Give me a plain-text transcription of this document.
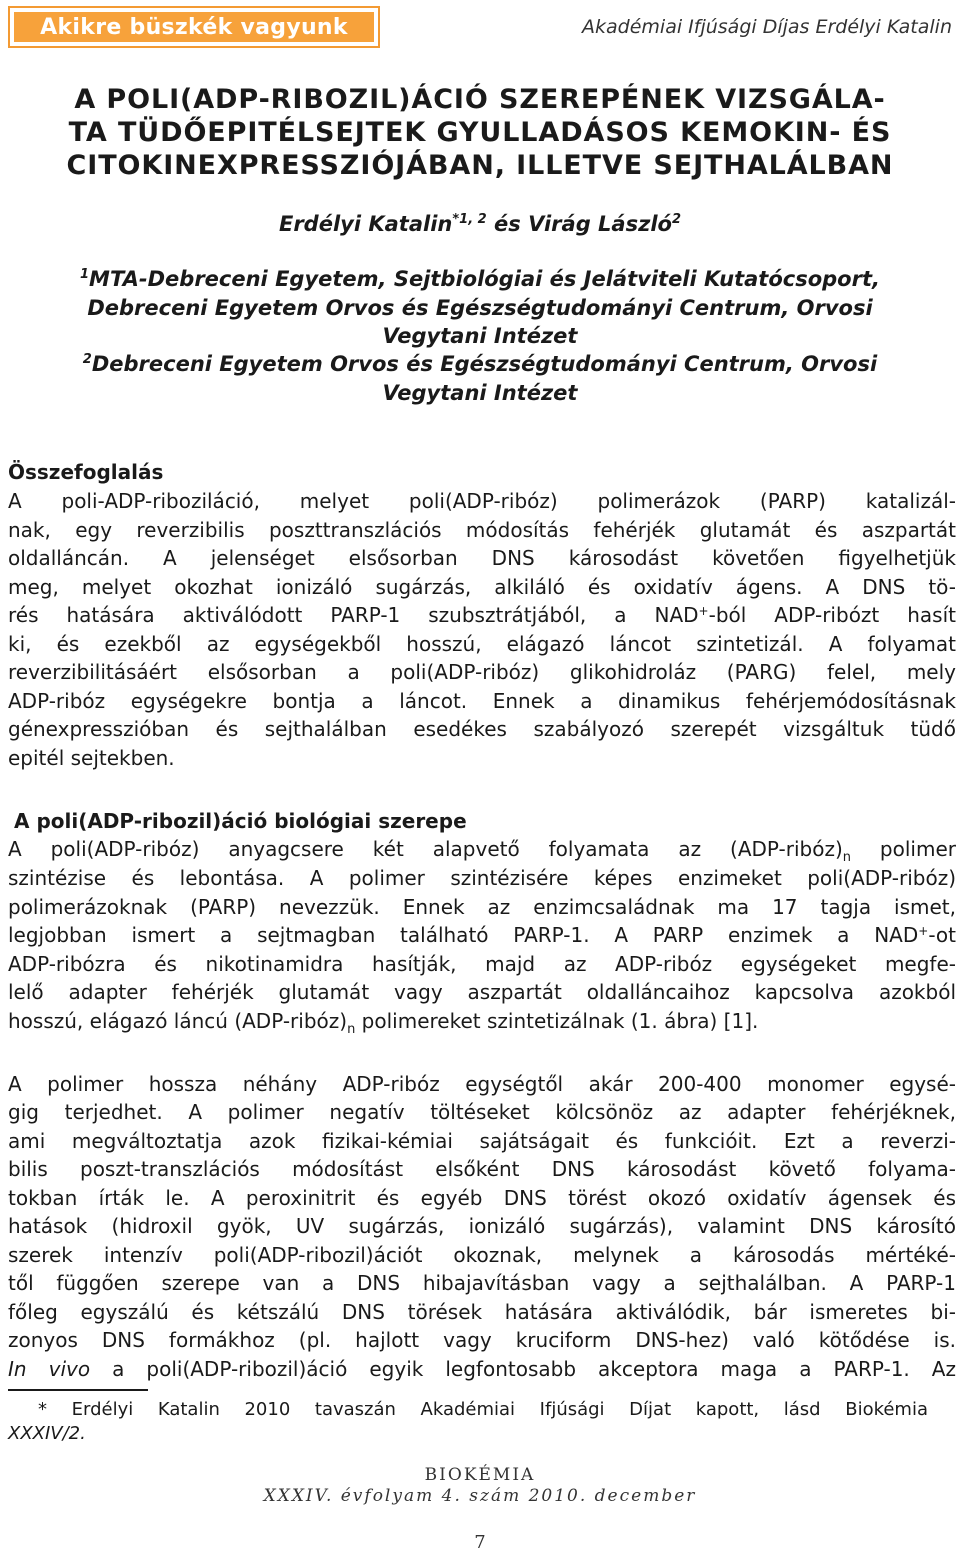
Akikre büszkék vagyunk	Akadémiai Ifjúsági Díjas Erdélyi Katalin
A POLI(ADP-RIBOZIL)ÁCIÓ SZEREPÉNEK VIZSGÁLA-
TA TÜDŐEPITÉLSEJTEK GYULLADÁSOS KEMOKIN- ÉS
CITOKINEXPRESSZIÓJÁBAN, ILLETVE SEJTHALÁLBAN
Erdélyi Katalin$^{*1, 2}$ és Virág László$^2$
$^1$MTA-Debreceni Egyetem, Sejtbiológiai és Jelátviteli Kutatócsoport,
Debreceni Egyetem Orvos és Egészségtudományi Centrum, Orvosi
Vegytani Intézet
$^2$Debreceni Egyetem Orvos és Egészségtudományi Centrum, Orvosi
Vegytani Intézet
Összefoglalás
A poli-ADP-riboziláció, melyet poli(ADP-ribóz) polimerázok (PARP) katalizál-
nak, egy reverzibilis poszttranszlációs módosítás fehérjék glutamát és aszpartát
oldalláncán. A jelenséget elsősorban DNS károsodást követően figyelhetjük
meg, melyet okozhat ionizáló sugárzás, alkiláló és oxidatív ágens. A DNS tö-
rés hatására aktiválódott PARP-1 szubsztrátjából, a NAD+-ból ADP-ribózt hasít
ki, és ezekből az egységekből hosszú, elágazó láncot szintetizál. A folyamat
reverzibilitásáért elsősorban a poli(ADP-ribóz) glikohidroláz (PARG) felel, mely
ADP-ribóz egységekre bontja a láncot. Ennek a dinamikus fehérjemódosításnak
génexpresszióban és sejthalálban esedékes szabályozó szerepét vizsgáltuk tüdő
epitél sejtekben.
A poli(ADP-ribozil)áció biológiai szerepe
A poli(ADP-ribóz) anyagcsere két alapvető folyamata az $(ADP-ribóz)_n$ polimer
szintézise és lebontása. A polimer szintézisére képes enzimeket poli(ADP-ribóz)
polimerázoknak (PARP) nevezzük. Ennek az enzimcsaládnak ma 17 tagja ismet,
legjobban ismert a sejtmagban található PARP-1. A PARP enzimek a NAD+-ot
ADP-ribózra és nikotinamidra hasítják, majd az ADP-ribóz egységeket megfe-
lelő adapter fehérjék glutamát vagy aszpartát oldalláncaihoz kapcsolva azokból
hosszú, elágazó láncú $(ADP-ribóz)_n$ polimereket szintetizálnak (1. ábra) [1].
A polimer hossza néhány ADP-ribóz egységtől akár 200-400 monomer egysé-
gig terjedhet. A polimer negatív töltéseket kölcsönöz az adapter fehérjéknek,
ami megváltoztatja azok fizikai-kémiai sajátságait és funkcióit. Ezt a reverzi-
bilis poszt-transzlációs módosítást elsőként DNS károsodást követő folyama-
tokban írták le. A peroxinitrit és egyéb DNS törést okozó oxidatív ágensek és
hatások (hidroxil gyök, UV sugárzás, ionizáló sugárzás), valamint DNS károsító
szerek intenzív poli(ADP-ribozil)ációt okoznak, melynek a károsodás mértéké-
től függően szerepe van a DNS hibajavításban vagy a sejthalálban. A PARP-1
főleg egyszálú és kétszálú DNS törések hatására aktiválódik, bár ismeretes bi-
zonyos DNS formákhoz (pl. hajlott vagy kruciform DNS-hez) való kötődése is.
In vivo a poli(ADP-ribozil)áció egyik legfontosabb akceptora maga a PARP-1. Az
* Erdélyi Katalin 2010 tavaszán Akadémiai Ifjúsági Díjat kapott, lásd Biokémia
XXXIV/2.
BIOKÉMIA
XXXIV. évfolyam 4. szám 2010. december
7
